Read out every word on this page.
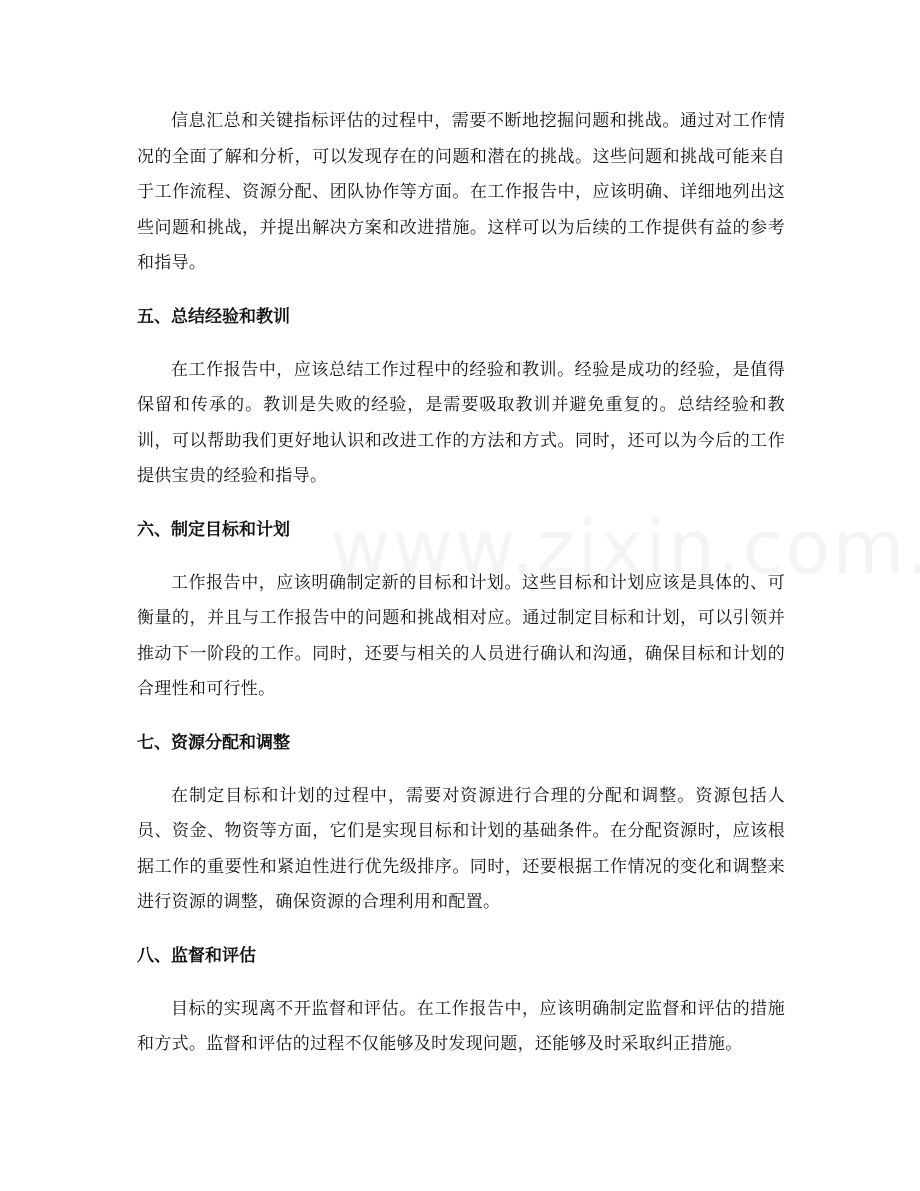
信息汇总和关键指标评估的过程中，需要不断地挖掘问题和挑战。通过对工作情况的全面了解和分析，可以发现存在的问题和潜在的挑战。这些问题和挑战可能来自于工作流程、资源分配、团队协作等方面。在工作报告中，应该明确、详细地列出这些问题和挑战，并提出解决方案和改进措施。这样可以为后续的工作提供有益的参考和指导。

五、总结经验和教训

在工作报告中，应该总结工作过程中的经验和教训。经验是成功的经验，是值得保留和传承的。教训是失败的经验，是需要吸取教训并避免重复的。总结经验和教训，可以帮助我们更好地认识和改进工作的方法和方式。同时，还可以为今后的工作提供宝贵的经验和指导。

六、制定目标和计划

工作报告中，应该明确制定新的目标和计划。这些目标和计划应该是具体的、可衡量的，并且与工作报告中的问题和挑战相对应。通过制定目标和计划，可以引领并推动下一阶段的工作。同时，还要与相关的人员进行确认和沟通，确保目标和计划的合理性和可行性。

七、资源分配和调整

在制定目标和计划的过程中，需要对资源进行合理的分配和调整。资源包括人员、资金、物资等方面，它们是实现目标和计划的基础条件。在分配资源时，应该根据工作的重要性和紧迫性进行优先级排序。同时，还要根据工作情况的变化和调整来进行资源的调整，确保资源的合理利用和配置。

八、监督和评估

目标的实现离不开监督和评估。在工作报告中，应该明确制定监督和评估的措施和方式。监督和评估的过程不仅能够及时发现问题，还能够及时采取纠正措施。
